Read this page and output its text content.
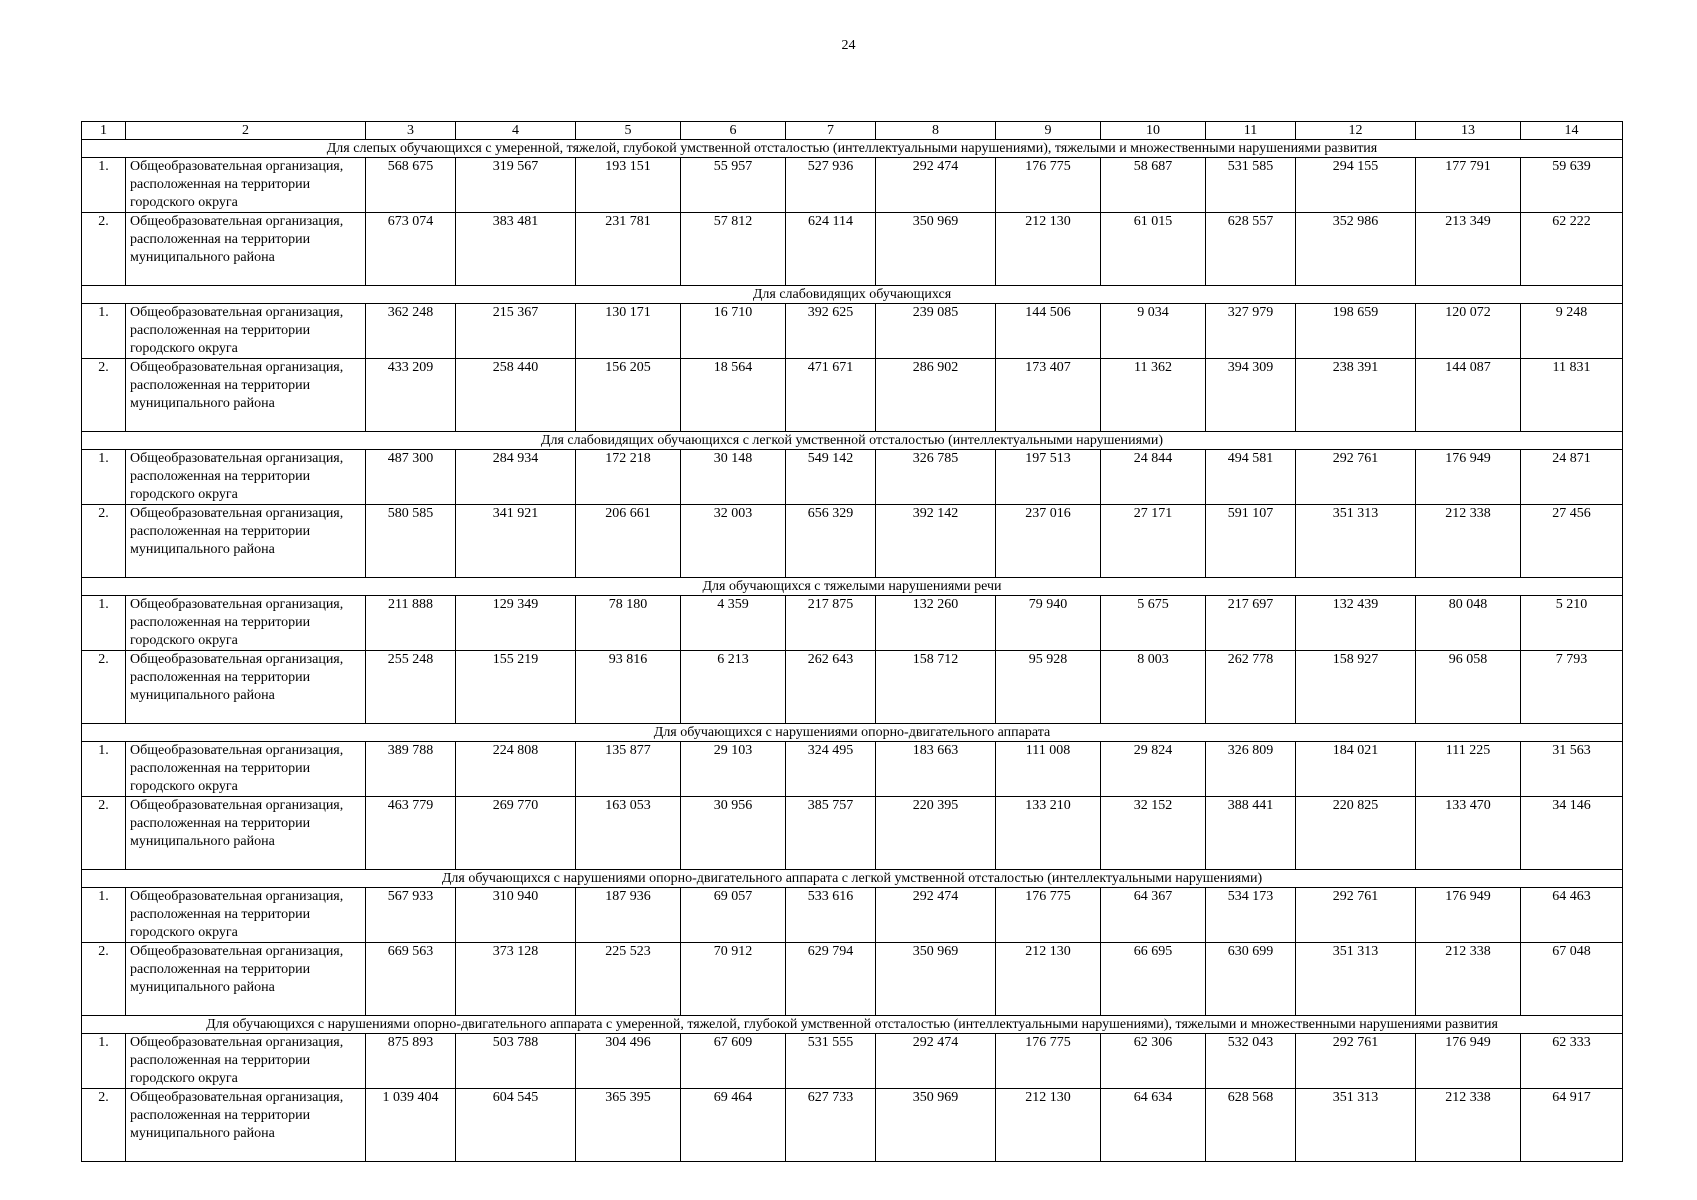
24
1	2	3	4	5	6	7	8	9	10	11	12	13	14
Для слепых обучающихся с умеренной, тяжелой, глубокой умственной отсталостью (интеллектуальными нарушениями), тяжелыми и множественными нарушениями развития													
1.	Общеобразовательная организация, расположенная на территории городского округа	568 675	319 567	193 151	55 957	527 936	292 474	176 775	58 687	531 585	294 155	177 791	59 639
2.	Общеобразовательная организация, расположенная на территории муниципального района	673 074	383 481	231 781	57 812	624 114	350 969	212 130	61 015	628 557	352 986	213 349	62 222
Для слабовидящих обучающихся													
1.	Общеобразовательная организация, расположенная на территории городского округа	362 248	215 367	130 171	16 710	392 625	239 085	144 506	9 034	327 979	198 659	120 072	9 248
2.	Общеобразовательная организация, расположенная на территории муниципального района	433 209	258 440	156 205	18 564	471 671	286 902	173 407	11 362	394 309	238 391	144 087	11 831
Для слабовидящих обучающихся с легкой умственной отсталостью (интеллектуальными нарушениями)													
1.	Общеобразовательная организация, расположенная на территории городского округа	487 300	284 934	172 218	30 148	549 142	326 785	197 513	24 844	494 581	292 761	176 949	24 871
2.	Общеобразовательная организация, расположенная на территории муниципального района	580 585	341 921	206 661	32 003	656 329	392 142	237 016	27 171	591 107	351 313	212 338	27 456
Для обучающихся с тяжелыми нарушениями речи													
1.	Общеобразовательная организация, расположенная на территории городского округа	211 888	129 349	78 180	4 359	217 875	132 260	79 940	5 675	217 697	132 439	80 048	5 210
2.	Общеобразовательная организация, расположенная на территории муниципального района	255 248	155 219	93 816	6 213	262 643	158 712	95 928	8 003	262 778	158 927	96 058	7 793
Для обучающихся с нарушениями опорно-двигательного аппарата													
1.	Общеобразовательная организация, расположенная на территории городского округа	389 788	224 808	135 877	29 103	324 495	183 663	111 008	29 824	326 809	184 021	111 225	31 563
2.	Общеобразовательная организация, расположенная на территории муниципального района	463 779	269 770	163 053	30 956	385 757	220 395	133 210	32 152	388 441	220 825	133 470	34 146
Для обучающихся с нарушениями опорно-двигательного аппарата с легкой умственной отсталостью (интеллектуальными нарушениями)													
1.	Общеобразовательная организация, расположенная на территории городского округа	567 933	310 940	187 936	69 057	533 616	292 474	176 775	64 367	534 173	292 761	176 949	64 463
2.	Общеобразовательная организация, расположенная на территории муниципального района	669 563	373 128	225 523	70 912	629 794	350 969	212 130	66 695	630 699	351 313	212 338	67 048
Для обучающихся с нарушениями опорно-двигательного аппарата с умеренной, тяжелой, глубокой умственной отсталостью (интеллектуальными нарушениями), тяжелыми и множественными нарушениями развития													
1.	Общеобразовательная организация, расположенная на территории городского округа	875 893	503 788	304 496	67 609	531 555	292 474	176 775	62 306	532 043	292 761	176 949	62 333
2.	Общеобразовательная организация, расположенная на территории муниципального района	1 039 404	604 545	365 395	69 464	627 733	350 969	212 130	64 634	628 568	351 313	212 338	64 917
